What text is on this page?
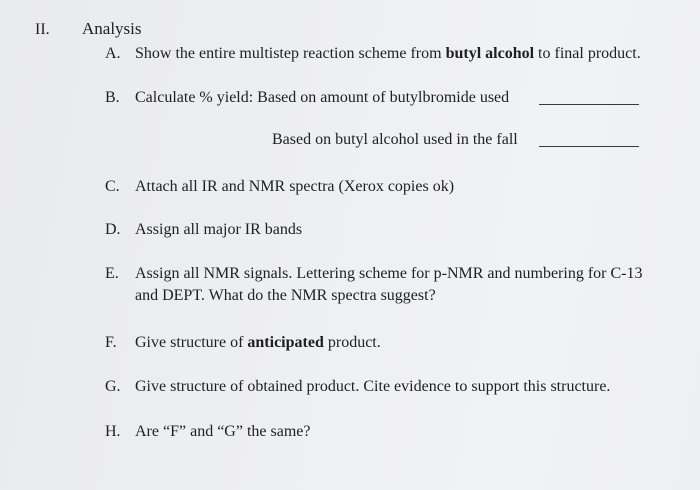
II. Analysis
A. Show the entire multistep reaction scheme from butyl alcohol to final product.
B. Calculate % yield: Based on amount of butylbromide used
Based on butyl alcohol used in the fall
C. Attach all IR and NMR spectra (Xerox copies ok)
D. Assign all major IR bands
E. Assign all NMR signals. Lettering scheme for p-NMR and numbering for C-13
and DEPT. What do the NMR spectra suggest?
F. Give structure of anticipated product.
G. Give structure of obtained product. Cite evidence to support this structure.
H. Are “F” and “G” the same?
